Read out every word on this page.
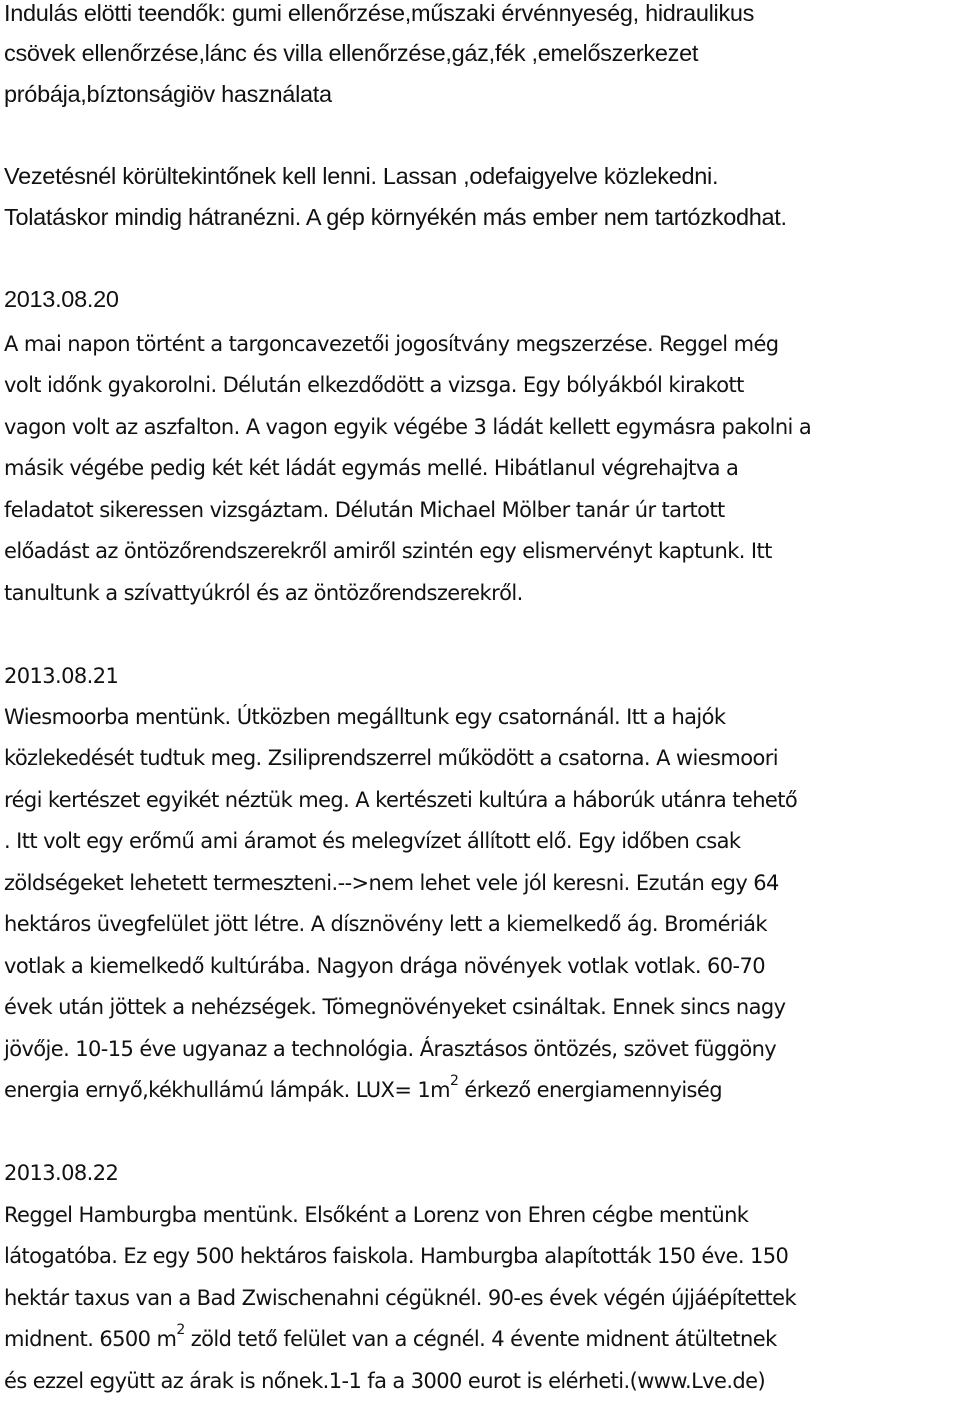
Indulás elötti teendők: gumi ellenőrzése,műszaki érvénnyeség, hidraulikus
csövek ellenőrzése,lánc és villa ellenőrzése,gáz,fék ,emelőszerkezet
próbája,bíztonságiöv használata
Vezetésnél körültekintőnek kell lenni. Lassan ,odefaigyelve közlekedni.
Tolatáskor mindig hátranézni. A gép környékén más ember nem tartózkodhat.
2013.08.20
A mai napon történt a targoncavezetői jogosítvány megszerzése. Reggel még
volt időnk gyakorolni. Délután elkezdődött a vizsga. Egy bólyákból kirakott
vagon volt az aszfalton. A vagon egyik végébe 3 ládát kellett egymásra pakolni a
másik végébe pedig két két ládát egymás mellé. Hibátlanul végrehajtva a
feladatot sikeressen vizsgáztam. Délután Michael Mölber tanár úr tartott
előadást az öntözőrendszerekről amiről szintén egy elismervényt kaptunk. Itt
tanultunk a szívattyúkról és az öntözőrendszerekről.
2013.08.21
Wiesmoorba mentünk. Útközben megálltunk egy csatornánál. Itt a hajók
közlekedését tudtuk meg. Zsiliprendszerrel működött a csatorna. A wiesmoori
régi kertészet egyikét néztük meg. A kertészeti kultúra a háborúk utánra tehető
. Itt volt egy erőmű ami áramot és melegvízet állított elő. Egy időben csak
zöldségeket lehetett termeszteni.-->nem lehet vele jól keresni. Ezután egy 64
hektáros üvegfelület jött létre. A dísznövény lett a kiemelkedő ág. Bromériák
votlak a kiemelkedő kultúrába. Nagyon drága növények votlak votlak. 60-70
évek után jöttek a nehézségek. Tömegnövényeket csináltak. Ennek sincs nagy
jövője. 10-15 éve ugyanaz a technológia. Árasztásos öntözés, szövet függöny
energia ernyő,kékhullámú lámpák. $LUX= 1m^2$ érkező energiamennyiség
2013.08.22
Reggel Hamburgba mentünk. Elsőként a Lorenz von Ehren cégbe mentünk
látogatóba. Ez egy 500 hektáros faiskola. Hamburgba alapították 150 éve. 150
hektár taxus van a Bad Zwischenahni cégüknél. 90-es évek végén újjáépítettek
midnent. 6500 $m^2$ zöld tető felület van a cégnél. 4 évente midnent átültetnek
és ezzel együtt az árak is nőnek.1-1 fa a 3000 eurot is elérheti.(www.Lve.de)
